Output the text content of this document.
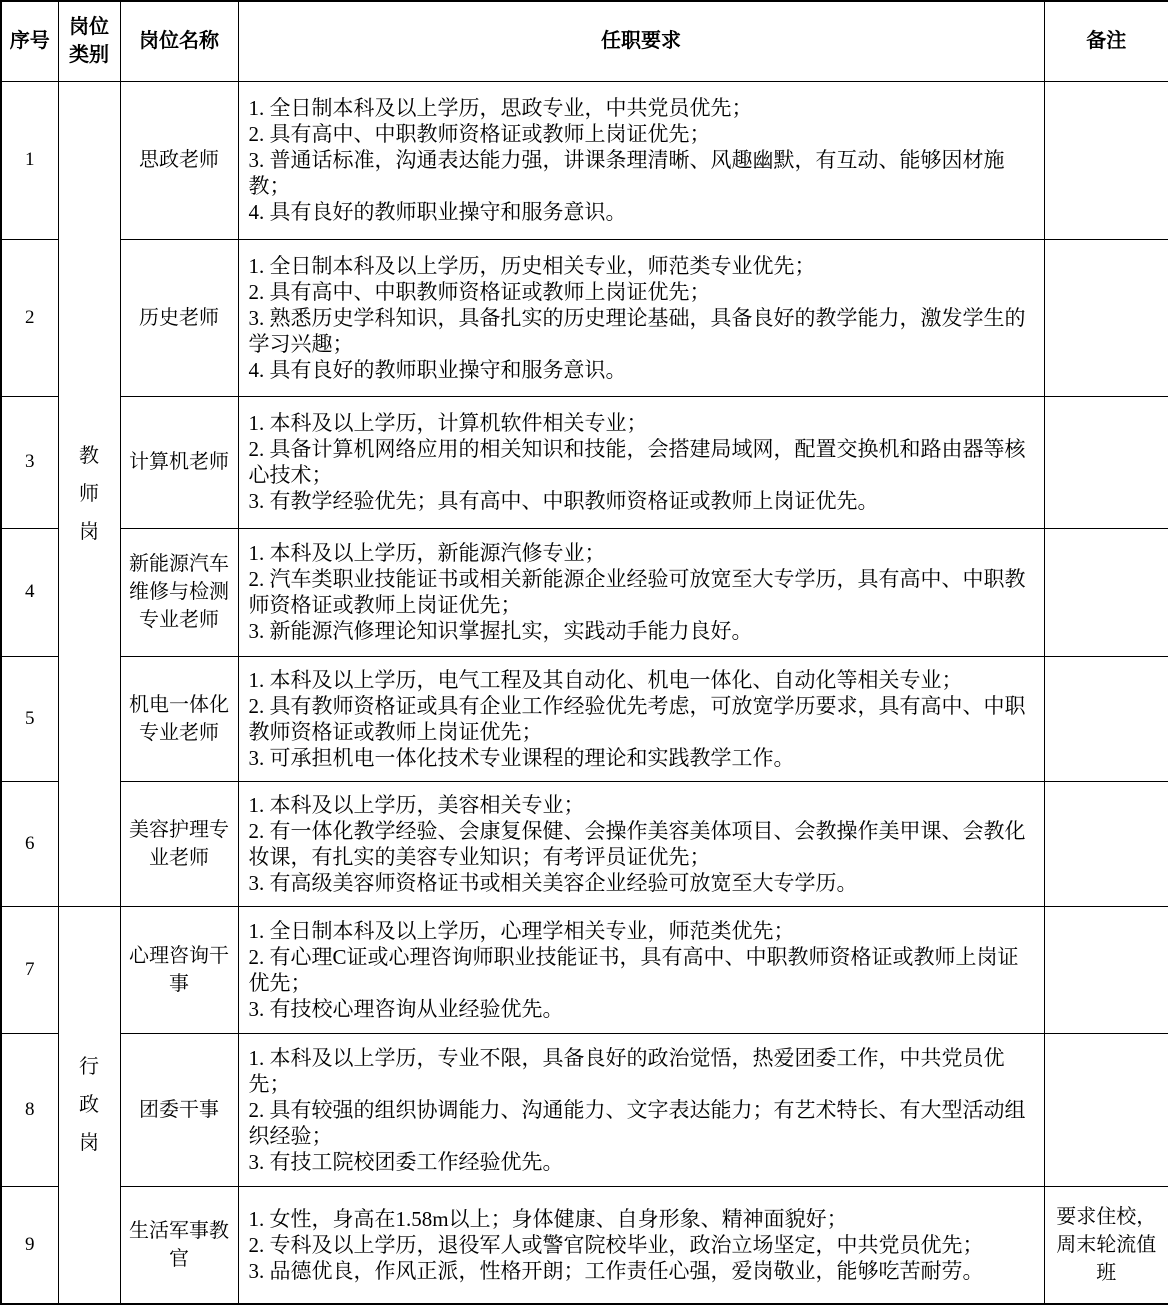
序号	岗位类别	岗位名称	任职要求	备注
1	教师岗	思政老师	1. 全日制本科及以上学历，思政专业，中共党员优先；
2. 具有高中、中职教师资格证或教师上岗证优先；
3. 普通话标准，沟通表达能力强，讲课条理清晰、风趣幽默，有互动、能够因材施教；
4. 具有良好的教师职业操守和服务意识。	

2		历史老师	1. 全日制本科及以上学历，历史相关专业，师范类专业优先；
2. 具有高中、中职教师资格证或教师上岗证优先；
3. 熟悉历史学科知识，具备扎实的历史理论基础，具备良好的教学能力，激发学生的学习兴趣；
4. 具有良好的教师职业操守和服务意识。	

3		计算机老师	1. 本科及以上学历，计算机软件相关专业；
2. 具备计算机网络应用的相关知识和技能，会搭建局域网，配置交换机和路由器等核心技术；
3. 有教学经验优先；具有高中、中职教师资格证或教师上岗证优先。	

4		新能源汽车维修与检测专业老师	1. 本科及以上学历，新能源汽修专业；
2. 汽车类职业技能证书或相关新能源企业经验可放宽至大专学历，具有高中、中职教师资格证或教师上岗证优先；
3. 新能源汽修理论知识掌握扎实，实践动手能力良好。	

5		机电一体化专业老师	1. 本科及以上学历，电气工程及其自动化、机电一体化、自动化等相关专业；
2. 具有教师资格证或具有企业工作经验优先考虑，可放宽学历要求，具有高中、中职教师资格证或教师上岗证优先；
3. 可承担机电一体化技术专业课程的理论和实践教学工作。	

6		美容护理专业老师	1. 本科及以上学历，美容相关专业；
2. 有一体化教学经验、会康复保健、会操作美容美体项目、会教操作美甲课、会教化妆课，有扎实的美容专业知识；有考评员证优先；
3. 有高级美容师资格证书或相关美容企业经验可放宽至大专学历。	

7	行政岗	心理咨询干事	1. 全日制本科及以上学历，心理学相关专业，师范类优先；
2. 有心理C证或心理咨询师职业技能证书，具有高中、中职教师资格证或教师上岗证优先；
3. 有技校心理咨询从业经验优先。	

8		团委干事	1. 本科及以上学历，专业不限，具备良好的政治觉悟，热爱团委工作，中共党员优先；
2. 具有较强的组织协调能力、沟通能力、文字表达能力；有艺术特长、有大型活动组织经验；
3. 有技工院校团委工作经验优先。	

9		生活军事教官	1. 女性，身高在1.58m以上；身体健康、自身形象、精神面貌好；
2. 专科及以上学历，退役军人或警官院校毕业，政治立场坚定，中共党员优先；
3. 品德优良，作风正派，性格开朗；工作责任心强，爱岗敬业，能够吃苦耐劳。	要求住校，周末轮流值班
